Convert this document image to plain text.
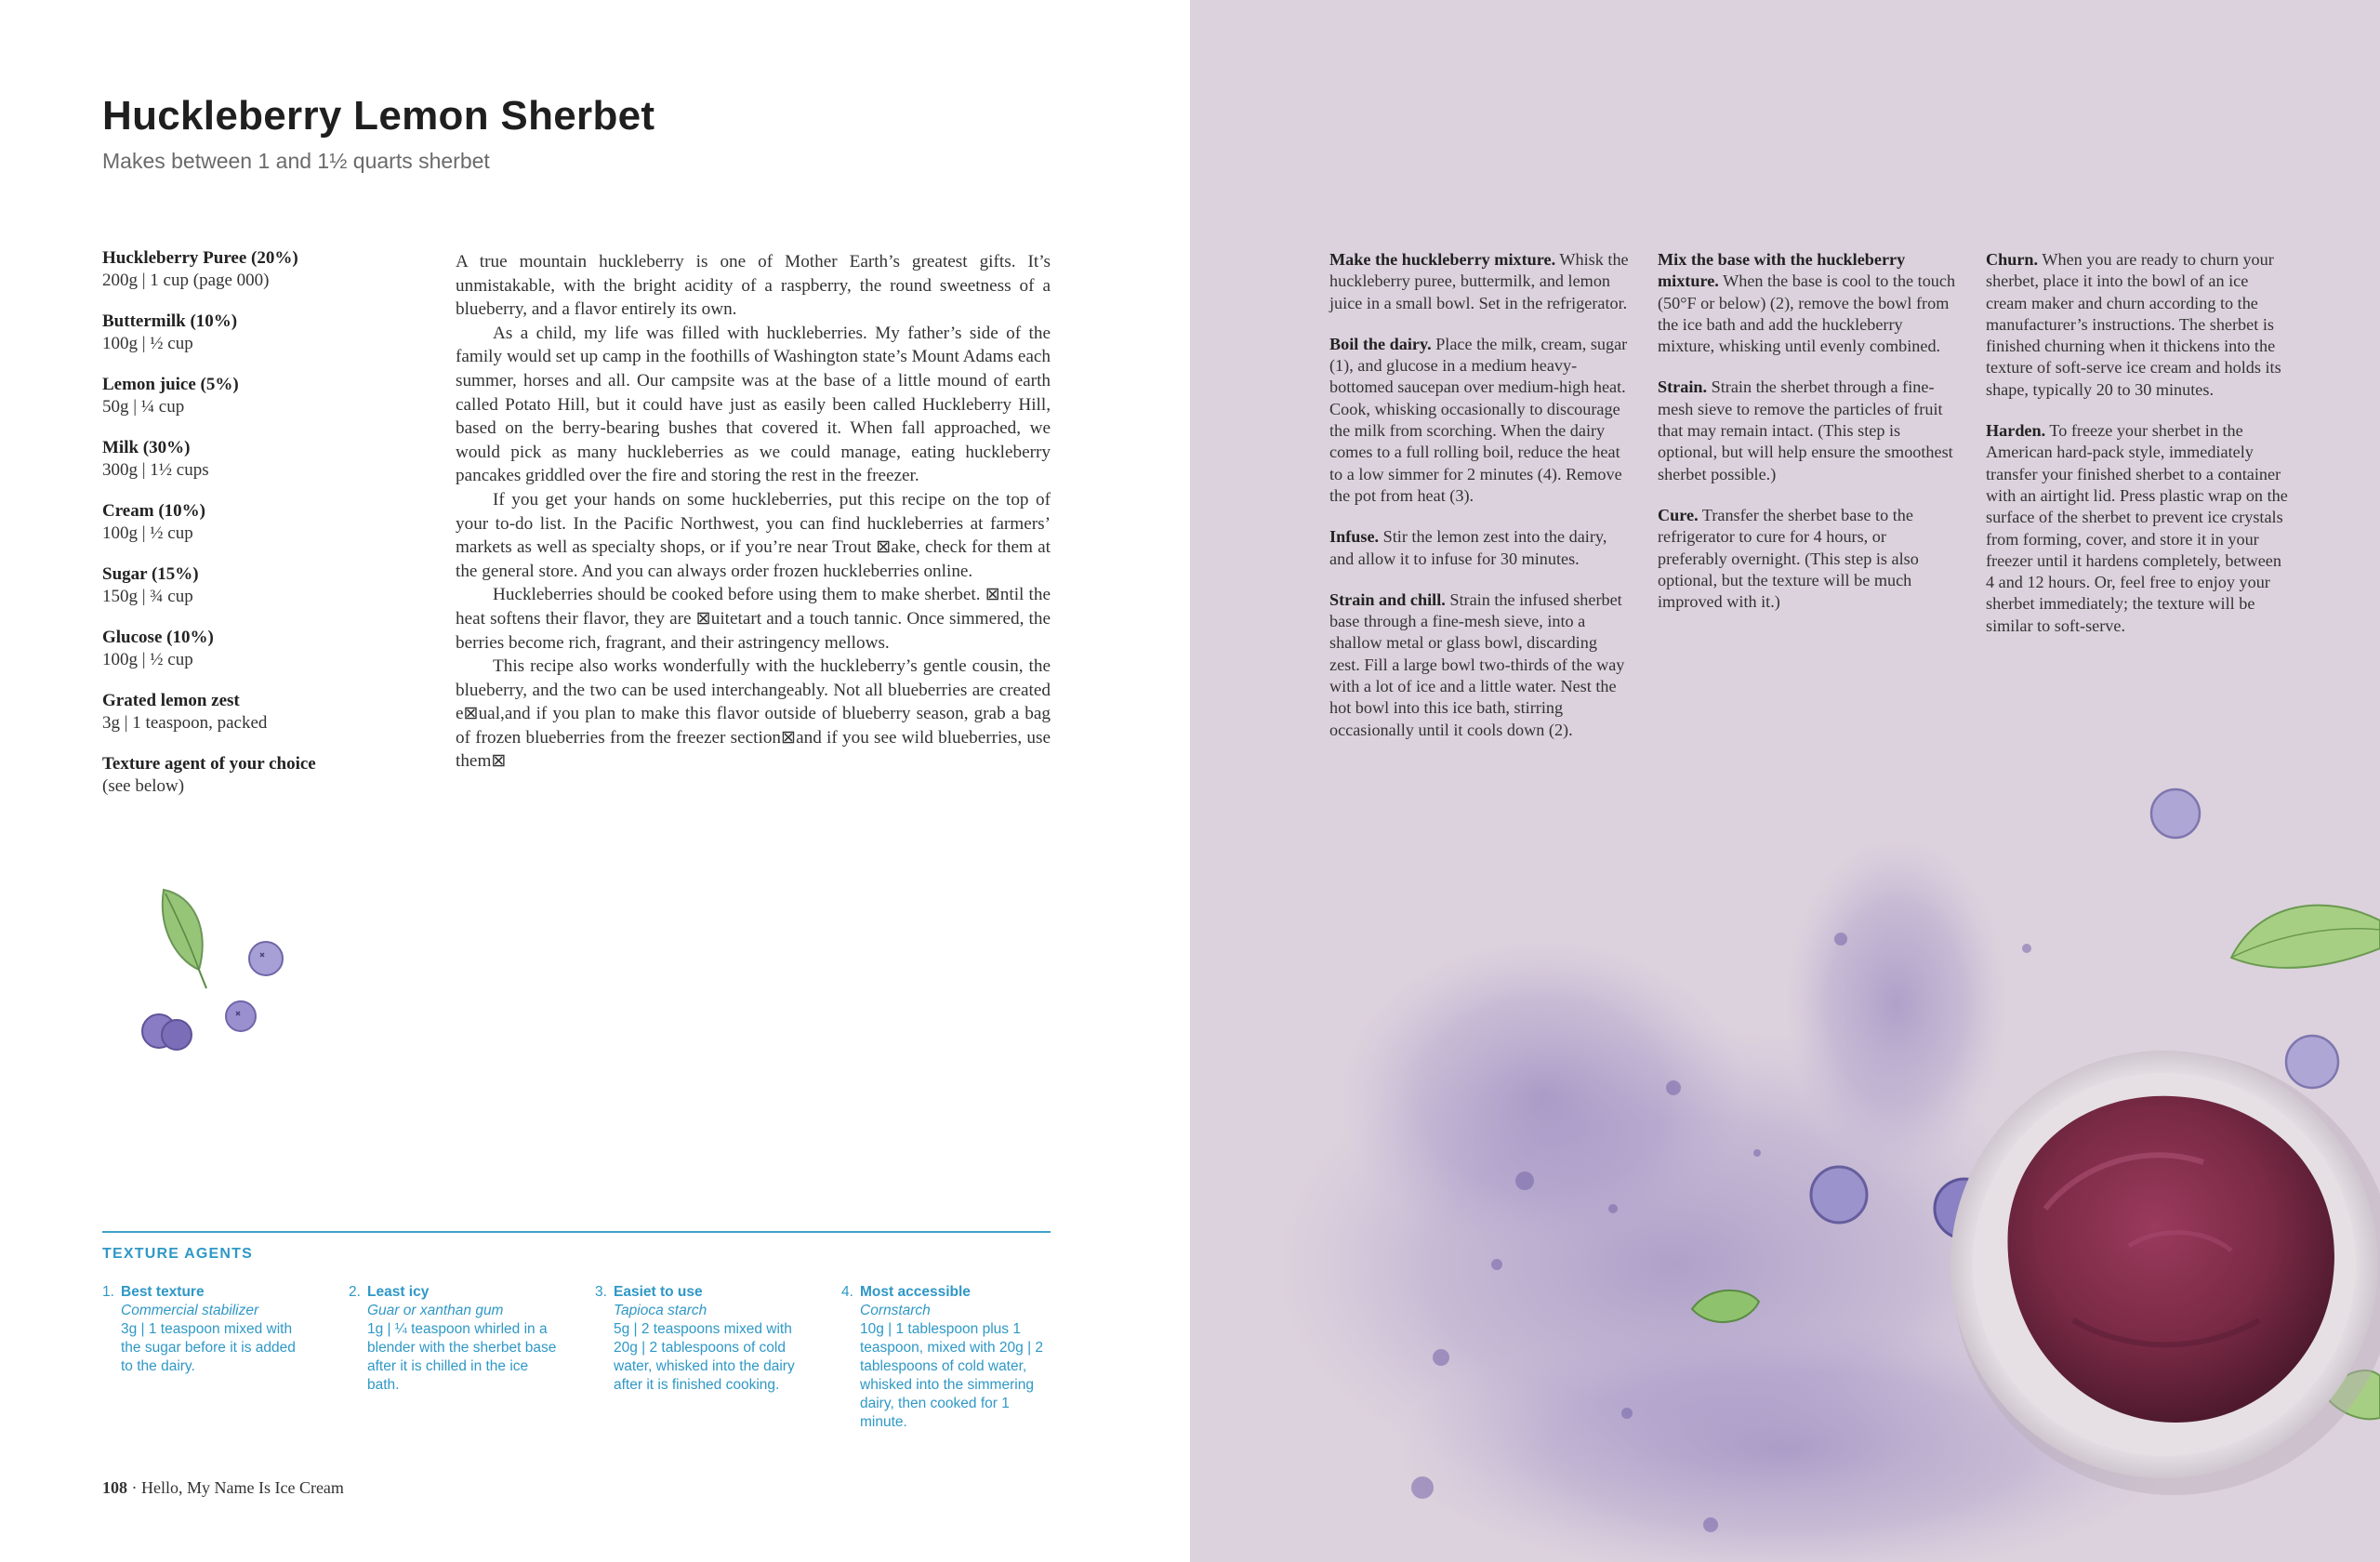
Huckleberry Lemon Sherbet

Makes between 1 and 1½ quarts sherbet

Huckleberry Puree (20%)
200g | 1 cup (page 000)
Buttermilk (10%)
100g | ½ cup
Lemon juice (5%)
50g | ¼ cup
Milk (30%)
300g | 1½ cups
Cream (10%)
100g | ½ cup
Sugar (15%)
150g | ¾ cup
Glucose (10%)
100g | ½ cup
Grated lemon zest
3g | 1 teaspoon, packed
Texture agent of your choice
(see below)

A true mountain huckleberry is one of Mother Earth’s greatest gifts. It’s unmistakable, with the bright acidity of a raspberry, the round sweetness of a blueberry, and a flavor entirely its own.

As a child, my life was filled with huckleberries. My father’s side of the family would set up camp in the foothills of Washington state’s Mount Adams each summer, horses and all. Our campsite was at the base of a little mound of earth called Potato Hill, but it could have just as easily been called Huckleberry Hill, based on the berry-bearing bushes that covered it. When fall approached, we would pick as many huckleberries as we could manage, eating huckleberry pancakes griddled over the fire and storing the rest in the freezer.

If you get your hands on some huckleberries, put this recipe on the top of your to-do list. In the Pacific Northwest, you can find huckleberries at farmers’ markets as well as specialty shops, or if you’re near Trout ⊠ake, check for them at the general store. And you can always order frozen huckleberries online.

Huckleberries should be cooked before using them to make sherbet. ⊠ntil the heat softens their flavor, they are ⊠uitetart and a touch tannic. Once simmered, the berries become rich, fragrant, and their astringency mellows.

This recipe also works wonderfully with the huckleberry’s gentle cousin, the blueberry, and the two can be used interchangeably. Not all blueberries are created e⊠ual,and if you plan to make this flavor outside of blueberry season, grab a bag of frozen blueberries from the freezer section⊠and if you see wild blueberries, use them⊠

TEXTURE AGENTS
1. Best texture
Commercial stabilizer
3g | 1 teaspoon mixed with the sugar before it is added to the dairy.
2. Least icy
Guar or xanthan gum
1g | ¼ teaspoon whirled in a blender with the sherbet base after it is chilled in the ice bath.
3. Easiet to use
Tapioca starch
5g | 2 teaspoons mixed with 20g | 2 tablespoons of cold water, whisked into the dairy after it is finished cooking.
4. Most accessible
Cornstarch
10g | 1 tablespoon plus 1 teaspoon, mixed with 20g | 2 tablespoons of cold water, whisked into the simmering dairy, then cooked for 1 minute.
108 · Hello, My Name Is Ice Cream

Make the huckleberry mixture. Whisk the huckleberry puree, buttermilk, and lemon juice in a small bowl. Set in the refrigerator.

Boil the dairy. Place the milk, cream, sugar (1), and glucose in a medium heavy-bottomed saucepan over medium-high heat. Cook, whisking occasionally to discourage the milk from scorching. When the dairy comes to a full rolling boil, reduce the heat to a low simmer for 2 minutes (4). Remove the pot from heat (3).

Infuse. Stir the lemon zest into the dairy, and allow it to infuse for 30 minutes.

Strain and chill. Strain the infused sherbet base through a fine-mesh sieve, into a shallow metal or glass bowl, discarding zest. Fill a large bowl two-thirds of the way with a lot of ice and a little water. Nest the hot bowl into this ice bath, stirring occasionally until it cools down (2).

Mix the base with the huckleberry mixture. When the base is cool to the touch (50°F or below) (2), remove the bowl from the ice bath and add the huckleberry mixture, whisking until evenly combined.

Strain. Strain the sherbet through a fine-mesh sieve to remove the particles of fruit that may remain intact. (This step is optional, but will help ensure the smoothest sherbet possible.)

Cure. Transfer the sherbet base to the refrigerator to cure for 4 hours, or preferably overnight. (This step is also optional, but the texture will be much improved with it.)

Churn. When you are ready to churn your sherbet, place it into the bowl of an ice cream maker and churn according to the manufacturer’s instructions. The sherbet is finished churning when it thickens into the texture of soft-serve ice cream and holds its shape, typically 20 to 30 minutes.

Harden. To freeze your sherbet in the American hard-pack style, immediately transfer your finished sherbet to a container with an airtight lid. Press plastic wrap on the surface of the sherbet to prevent ice crystals from forming, cover, and store it in your freezer until it hardens completely, between 4 and 12 hours. Or, feel free to enjoy your sherbet immediately; the texture will be similar to soft-serve.
